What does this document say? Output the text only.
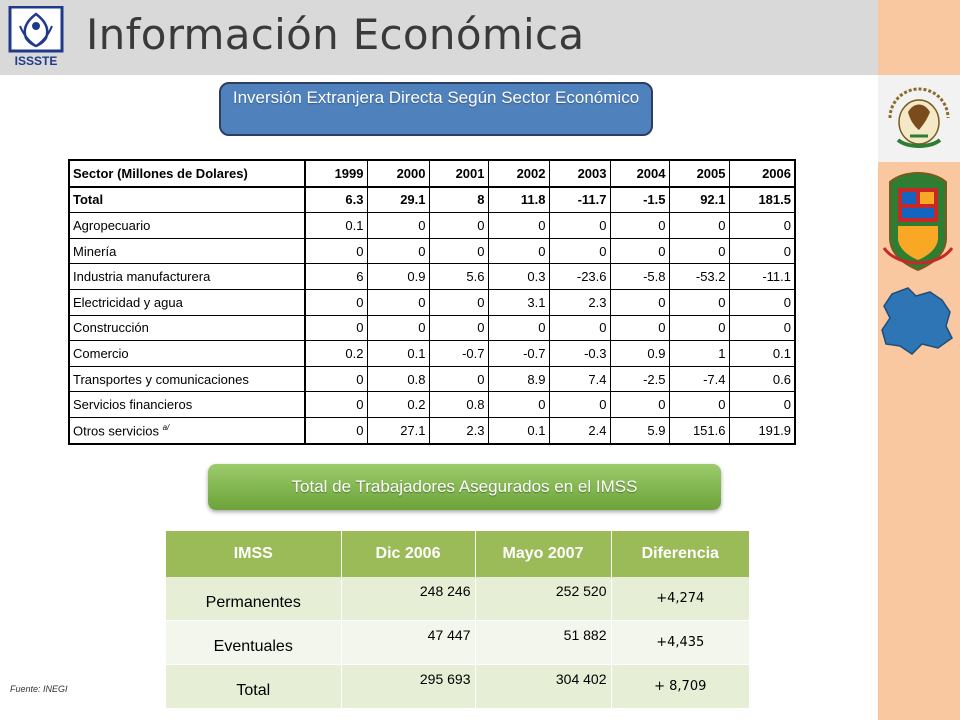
ISSSTE
Información Económica
Inversión Extranjera Directa Según Sector Económico
Sector (Millones de Dolares)	1999	2000	2001	2002	2003	2004	2005	2006
Total	6.3	29.1	8	11.8	-11.7	-1.5	92.1	181.5
Agropecuario	0.1	0	0	0	0	0	0	0
Minería	0	0	0	0	0	0	0	0
Industria manufacturera	6	0.9	5.6	0.3	-23.6	-5.8	-53.2	-11.1
Electricidad y agua	0	0	0	3.1	2.3	0	0	0
Construcción	0	0	0	0	0	0	0	0
Comercio	0.2	0.1	-0.7	-0.7	-0.3	0.9	1	0.1
Transportes y comunicaciones	0	0.8	0	8.9	7.4	-2.5	-7.4	0.6
Servicios financieros	0	0.2	0.8	0	0	0	0	0
Otros servicios $^{a/}$	0	27.1	2.3	0.1	2.4	5.9	151.6	191.9
Total de Trabajadores Asegurados en el IMSS
IMSS	Dic 2006	Mayo 2007	Diferencia
Permanentes	248 246	252 520	+4,274
Eventuales	47 447	51 882	+4,435
Total	295 693	304 402	+ 8,709
Fuente: INEGI
